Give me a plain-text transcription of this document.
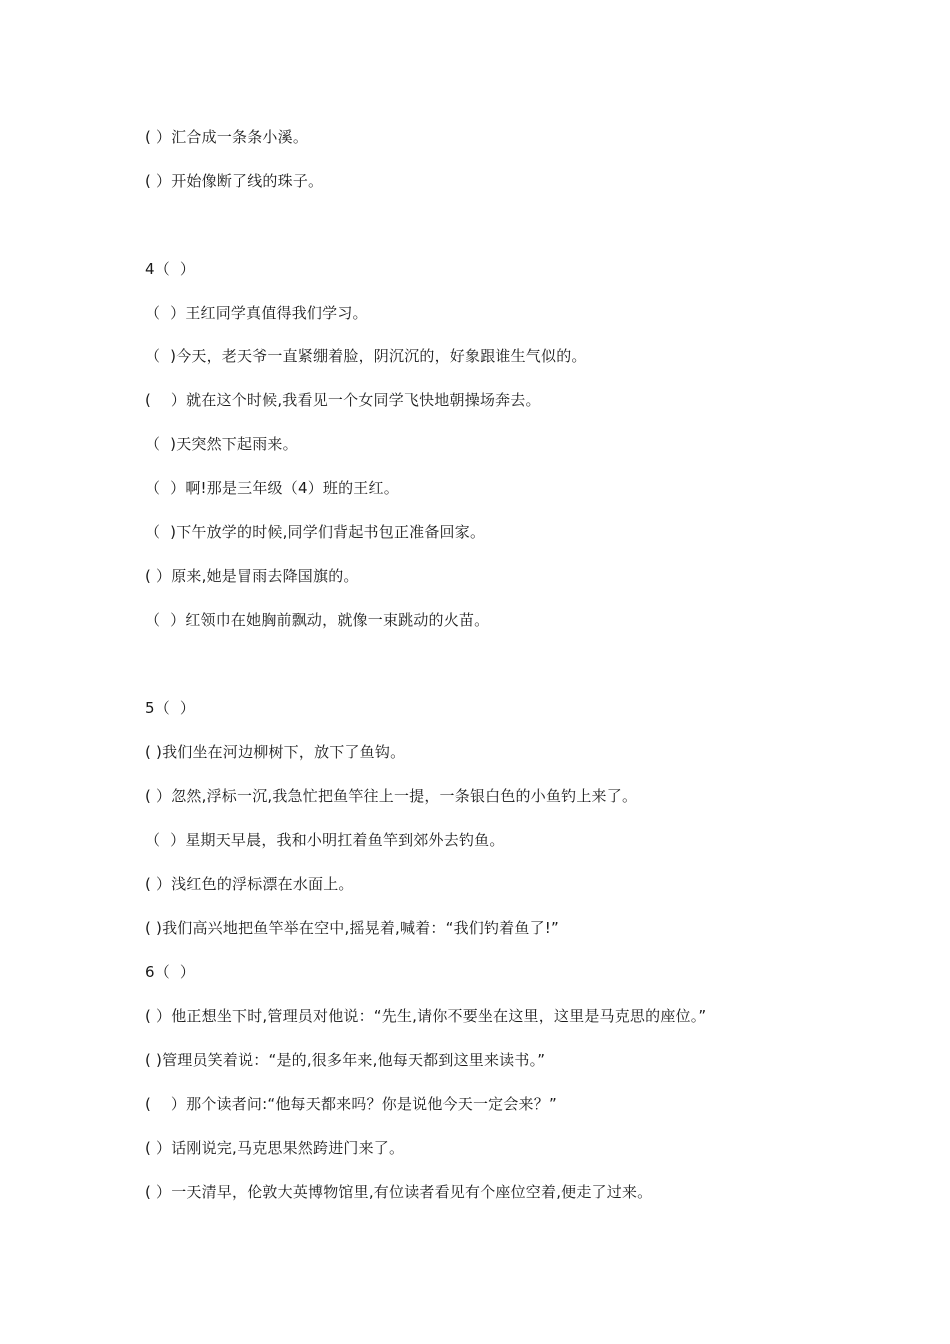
( ）汇合成一条条小溪。
( ）开始像断了线的珠子。
4（  ）
（  ）王红同学真值得我们学习。
（  )今天，老天爷一直紧绷着脸，阴沉沉的，好象跟谁生气似的。
(    ）就在这个时候,我看见一个女同学飞快地朝操场奔去。
（  )天突然下起雨来。
（  ）啊!那是三年级（4）班的王红。
（  )下午放学的时候,同学们背起书包正准备回家。
( ）原来,她是冒雨去降国旗的。
（  ）红领巾在她胸前飘动，就像一束跳动的火苗。
5（  ）
( )我们坐在河边柳树下，放下了鱼钩。
( ）忽然,浮标一沉,我急忙把鱼竿往上一提，一条银白色的小鱼钓上来了。
（  ）星期天早晨，我和小明扛着鱼竿到郊外去钓鱼。
( ）浅红色的浮标漂在水面上。
( )我们高兴地把鱼竿举在空中,摇晃着,喊着：“我们钓着鱼了!”
6（  ）
( ）他正想坐下时,管理员对他说：“先生,请你不要坐在这里，这里是马克思的座位。”
( )管理员笑着说：“是的,很多年来,他每天都到这里来读书。”
(    ）那个读者问:“他每天都来吗？你是说他今天一定会来？”
( ）话刚说完,马克思果然跨进门来了。
( ）一天清早，伦敦大英博物馆里,有位读者看见有个座位空着,便走了过来。
